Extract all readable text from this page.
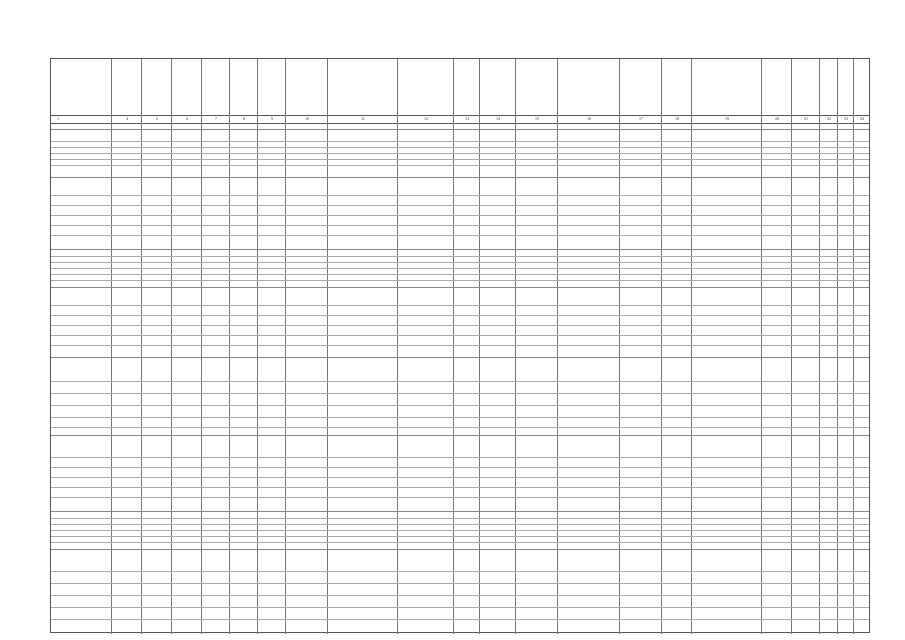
1	4	5	6	7	8	9	10	11	12	13	14	15	16	17	18	19	20	21	22	23	24
